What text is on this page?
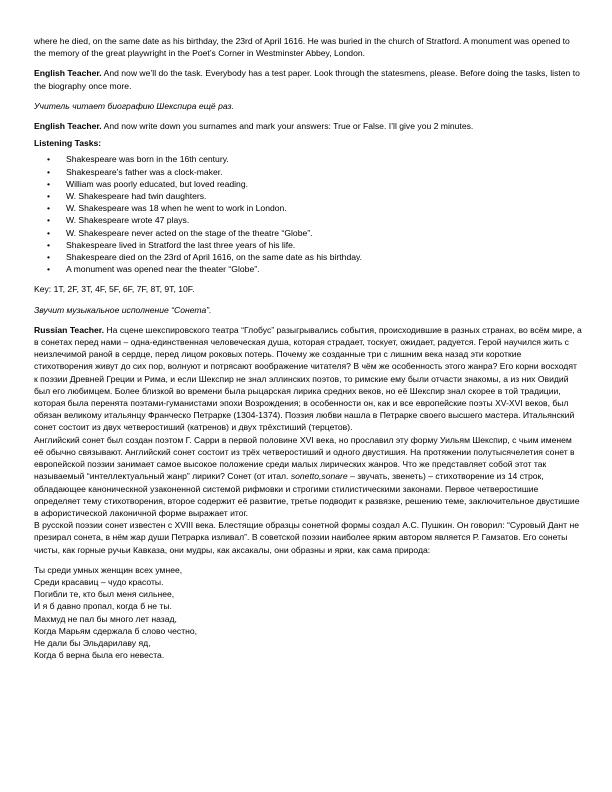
where he died, on the same date as his birthday, the 23rd of April 1616. He was buried in the church of Stratford. A monument was opened to the memory of the great playwright in the Poet’s Corner in Westminster Abbey, London.

English Teacher. And now we’ll do the task. Everybody has a test paper. Look through the statesmens, please. Before doing the tasks, listen to the biography once more.

Учитель читает биографию Шекспира ещё раз.

English Teacher. And now write down you surnames and mark your answers: True or False. I’ll give you 2 minutes.

Listening Tasks:

• Shakespeare was born in the 16th century.
• Shakespeare’s father was a clock-maker.
• William was poorly educated, but loved reading.
• W. Shakespeare had twin daughters.
• W. Shakespeare was 18 when he went to work in London.
• W. Shakespeare wrote 47 plays.
• W. Shakespeare never acted on the stage of the theatre “Globe”.
• Shakespeare lived in Stratford the last three years of his life.
• Shakespeare died on the 23rd of April 1616, on the same date as his birthday.
• A monument was opened near the theater “Globe”.

Key: 1T, 2F, 3T, 4F, 5F, 6F, 7F, 8T, 9T, 10F.

Звучит музыкальное исполнение “Сонета”.

Russian Teacher. На сцене шекспировского театра “Глобус” разыгрывались события, происходившие в разных странах, во всём мире, а в сонетах перед нами – одна-единственная человеческая душа, которая страдает, тоскует, ожидает, радуется. Герой научился жить с неизлечимой раной в сердце, перед лицом роковых потерь. Почему же созданные три с лишним века назад эти короткие стихотворения живут до сих пор, волнуют и потрясают воображение читателя? В чём же особенность этого жанра? Его корни восходят к поэзии Древней Греции и Рима, и если Шекспир не знал эллинских поэтов, то римские ему были отчасти знакомы, а из них Овидий был его любимцем. Более близкой во времени была рыцарская лирика средних веков, но её Шекспир знал скорее в той традиции, которая была перенята поэтами-гуманистами эпохи Возрождения; в особенности он, как и все европейские поэты XV-XVI веков, был обязан великому итальянцу Франческо Петрарке (1304-1374). Поэзия любви нашла в Петрарке своего высшего мастера. Итальянский сонет состоит из двух четверостиший (катренов) и двух трёхстиший (терцетов).

Английский сонет был создан поэтом Г. Сарри в первой половине XVI века, но прославил эту форму Уильям Шекспир, с чьим именем её обычно связывают. Английский сонет состоит из трёх четверостиший и одного двустишия. На протяжении полутысячелетия сонет в европейской поэзии занимает самое высокое положение среди малых лирических жанров. Что же представляет собой этот так называемый “интеллектуальный жанр” лирики? Сонет (от итал. sonetto,sonare – звучать, звенеть) – стихотворение из 14 строк, обладающее каноническной узаконенной системой рифмовки и строгими стилистическими законами. Первое четверостишие определяет тему стихотворения, второе содержит её развитие, третье подводит к развязке, решению теме, заключительное двустишие в афористической лаконичной форме выражает итог.

В русской поэзии сонет известен с XVIII века. Блестящие образцы сонетной формы создал А.С. Пушкин. Он говорил: “Суровый Дант не презирал сонета, в нём жар души Петрарка изливал”. В советской поэзии наиболее ярким автором является Р. Гамзатов. Его сонеты чисты, как горные ручьи Кавказа, они мудры, как аксакалы, они образны и ярки, как сама природа:

Ты среди умных женщин всех умнее,

Среди красавиц – чудо красоты.

Погибли те, кто был меня сильнее,

И я б давно пропал, когда б не ты.

Махмуд не пал бы много лет назад,

Когда Марьям сдержала б слово честно,

Не дали бы Эльдарилаву яд,

Когда б верна была его невеста.
